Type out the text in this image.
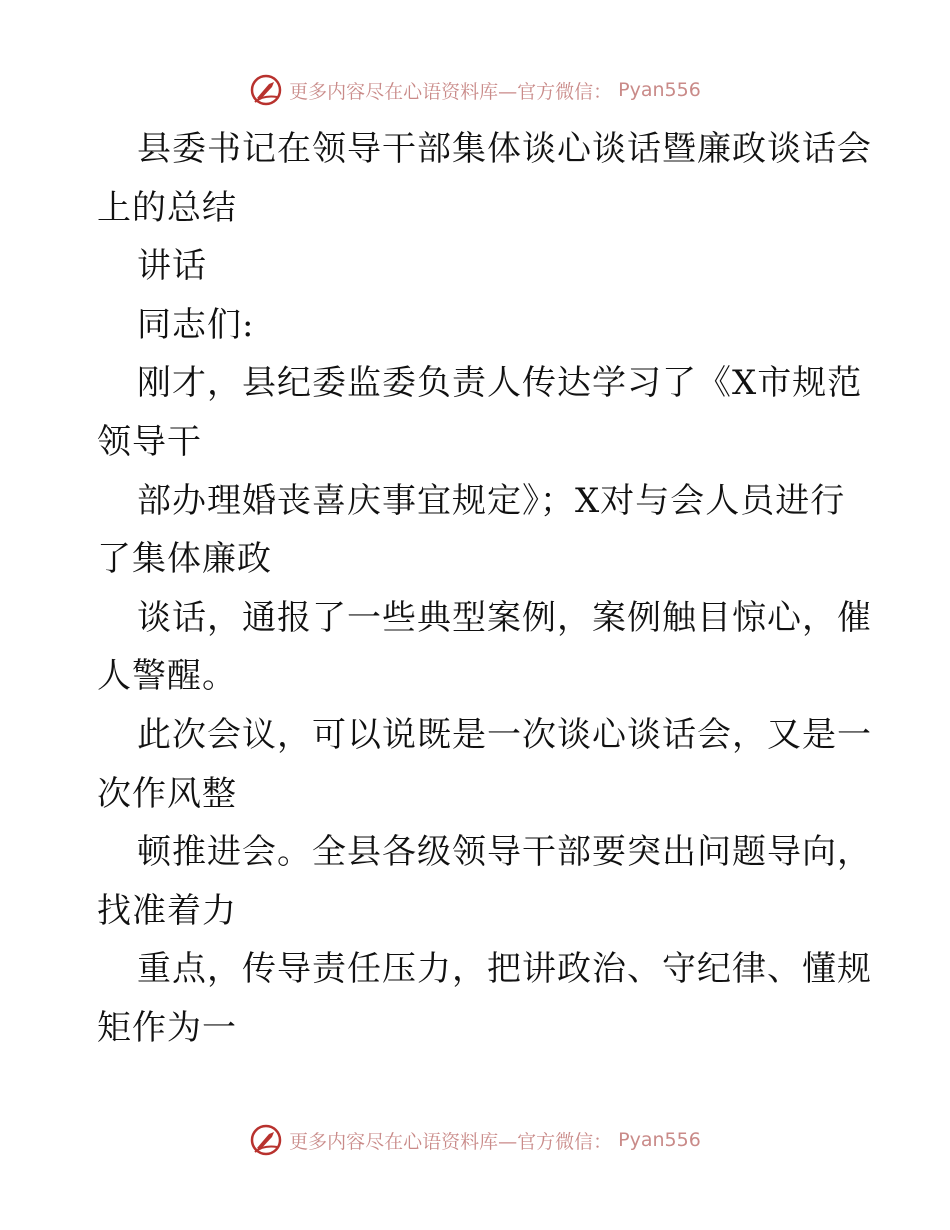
更多内容尽在心语资料库—官方微信： Pyan556
县委书记在领导干部集体谈心谈话暨廉政谈话会
上的总结
讲话
同志们:
刚才，县纪委监委负责人传达学习了《X市规范
领导干
部办理婚丧喜庆事宜规定》；X对与会人员进行
了集体廉政
谈话，通报了一些典型案例，案例触目惊心，催
人警醒。
此次会议，可以说既是一次谈心谈话会，又是一
次作风整
顿推进会。全县各级领导干部要突出问题导向，
找准着力
重点，传导责任压力，把讲政治、守纪律、懂规
矩作为一
更多内容尽在心语资料库—官方微信： Pyan556
